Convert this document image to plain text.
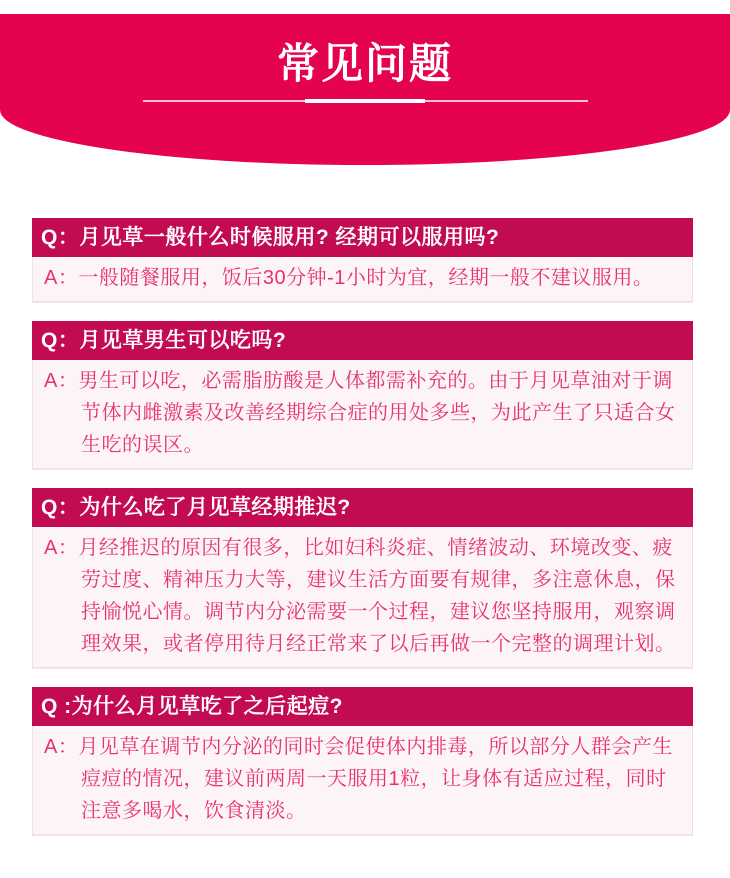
常见问题
Q：月见草一般什么时候服用? 经期可以服用吗?

A：一般随餐服用，饭后30分钟-1小时为宜，经期一般不建议服用。

Q：月见草男生可以吃吗?

A：男生可以吃，必需脂肪酸是人体都需补充的。由于月见草油对于调节体内雌激素及改善经期综合症的用处多些，为此产生了只适合女生吃的误区。

Q：为什么吃了月见草经期推迟?

A：月经推迟的原因有很多，比如妇科炎症、情绪波动、环境改变、疲劳过度、精神压力大等，建议生活方面要有规律，多注意休息，保持愉悦心情。调节内分泌需要一个过程，建议您坚持服用，观察调理效果，或者停用待月经正常来了以后再做一个完整的调理计划。

Q :为什么月见草吃了之后起痘?

A：月见草在调节内分泌的同时会促使体内排毒，所以部分人群会产生痘痘的情况，建议前两周一天服用1粒，让身体有适应过程，同时注意多喝水，饮食清淡。
